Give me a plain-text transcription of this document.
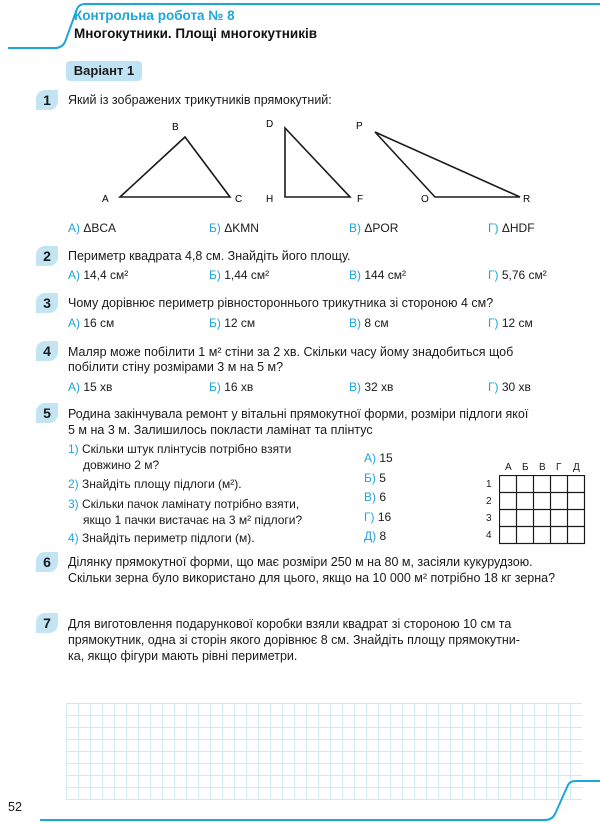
Контрольна робота № 8
Многокутники. Площі многокутників
Варіант 1
1	Який із зображених трикутників прямокутний:
A
B
C
D
H	F
P
O	R
А) ΔBCA	Б) ΔKMN	В) ΔPOR	Г) ΔHDF
2	Периметр квадрата 4,8 см. Знайдіть його площу.
А) 14,4 см²	Б) 1,44 см²	В) 144 см²	Г) 5,76 см²
3	Чому дорівнює периметр рівностороннього трикутника зі стороною 4 см?
А) 16 см	Б) 12 см	В) 8 см	Г) 12 см
4	Маляр може побілити 1 м² стіни за 2 хв. Скільки часу йому знадобиться щоб
побілити стіну розмірами 3 м на 5 м?
А) 15 хв	Б) 16 хв	В) 32 хв	Г) 30 хв
5	Родина закінчувала ремонт у вітальні прямокутної форми, розміри підлоги якої
5 м на 3 м. Залишилось покласти ламінат та плінтус
1) Скільки штук плінтусів потрібно взяти
довжино 2 м?
2) Знайдіть площу підлоги (м²).
3) Скільки пачок ламінату потрібно взяти,
якщо 1 пачки вистачає на 3 м² підлоги?
4) Знайдіть периметр підлоги (м).
А) 15
Б) 5
В) 6
Г) 16
Д) 8
А Б В Г Д
1
2
3
4
6	Ділянку прямокутної форми, що має розміри 250 м на 80 м, засіяли кукурудзою.
Скільки зерна було використано для цього, якщо на 10 000 м² потрібно 18 кг зерна?
7	Для виготовлення подарункової коробки взяли квадрат зі стороною 10 см та
прямокутник, одна зі сторін якого дорівнює 8 см. Знайдіть площу прямокутни-
ка, якщо фігури мають рівні периметри.
52
